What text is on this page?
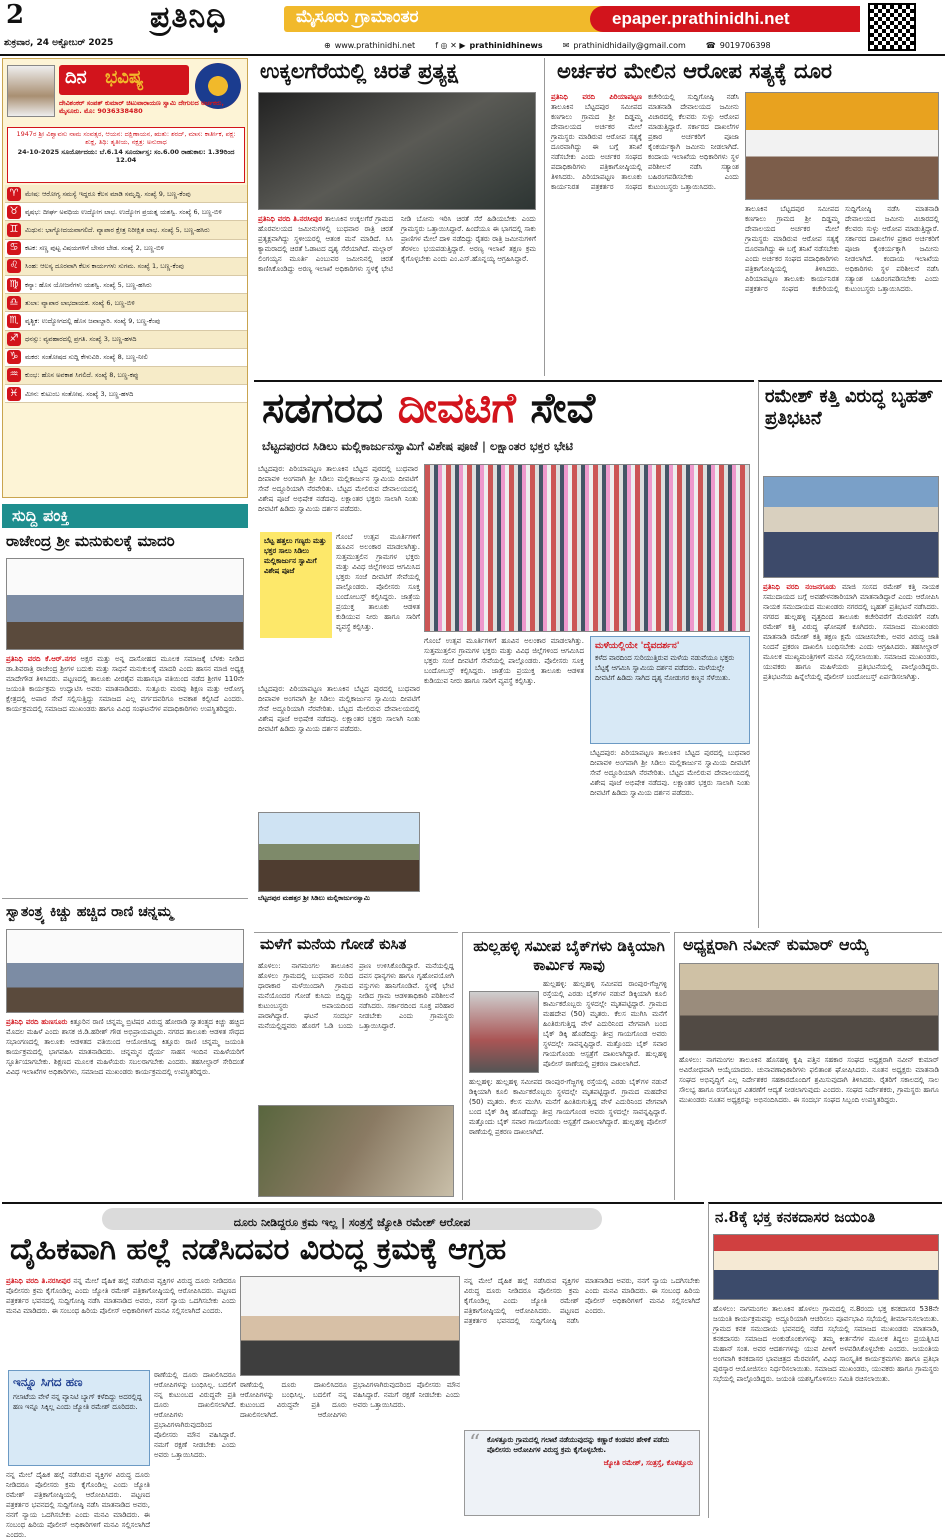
2	ಪ್ರತಿನಿಧಿ	ಮೈಸೂರು ಗ್ರಾಮಾಂತರ	epaper.prathinidhi.net
ಶುಕ್ರವಾರ, 24 ಅಕ್ಟೋಬರ್ 2025	⊕ www.prathinidhi.net	f ◎ ✕ ▶ prathinidhinews	✉ prathinidhidaily@gmail.com	☎ 9019706398
ದಿನ ಭವಿಷ್ಯ
ದೇವಿಶಂಕರ್ ಸಂಪತ್ ಕುಮಾರ್ ಚಿಟುವಾರಾಯಣ ಸ್ವಾಮಿ ದೇಗುಲದ ಅರ್ಚಕರು, ಮೈಸೂರು. ಮೊ: 9036338480
1947ರ ಶ್ರೀ ವಿಶ್ವಾವಸು ನಾಮ ಸಂವತ್ಸರ, ಆಯನ: ದಕ್ಷಿಣಾಯನ, ಋತು: ಶರದ್, ಮಾಸ: ಕಾರ್ತೀಕ, ಪಕ್ಷ: ಶುಕ್ಲ, ತಿಥಿ: ತೃತೀಯ, ನಕ್ಷತ್ರ: ಅನುರಾಧ
24-10-2025 ಸೂರ್ಯೋದಯ: ಬೆ.6.14 ಸೂರ್ಯಾಸ್ತ: ಸಂ.6.00 ರಾಹುಕಾಲ: 1.39ರಿಂದ 12.04
♈	ಮೇಷ: ಆರೋಗ್ಯ ಸಮಸ್ಯೆ ಇದ್ದರೂ ಕೆಲಸ ಮಾಡಿ ಸಮೃದ್ಧಿ. ಸಂಖ್ಯೆ 9, ಬಣ್ಣ-ಕೆಂಪು
♉	ವೃಷಭ: ದೀರ್ಘ ಅವಧಿಯ ಉದ್ಯೋಗ ಲಾಭ. ಉದ್ಯೋಗ ಪ್ರಯತ್ನ ಯಶಸ್ವಿ. ಸಂಖ್ಯೆ 6, ಬಣ್ಣ-ಬಿಳಿ
♊	ಮಿಥುನ: ಭಾಗ್ಯೋದಯವಾಗಲಿದೆ. ವ್ಯಾಪಾರ ಕ್ಷೇತ್ರ ನಿರೀಕ್ಷಿತ ಲಾಭ. ಸಂಖ್ಯೆ 5, ಬಣ್ಣ-ಹಸಿರು
♋	ಕಟಕ: ಸಣ್ಣ ಪುಟ್ಟ ವಿಷಯಗಳಿಗೆ ಬೇಸರ ಬೇಡ. ಸಂಖ್ಯೆ 2, ಬಣ್ಣ-ಬಿಳಿ
♌	ಸಿಂಹ: ಆಲಸ್ಯ ದೂರವಾಗಿ ಕೆಲಸ ಕಾರ್ಯಗಳು ಸುಗಮ. ಸಂಖ್ಯೆ 1, ಬಣ್ಣ-ಕೆಂಪು
♍	ಕನ್ಯಾ: ಹೊಸ ಯೋಜನೆಗಳು ಯಶಸ್ವಿ. ಸಂಖ್ಯೆ 5, ಬಣ್ಣ-ಹಸಿರು
♎	ತುಲಾ: ವ್ಯಾಪಾರ ಲಾಭದಾಯಕ. ಸಂಖ್ಯೆ 6, ಬಣ್ಣ-ಬಿಳಿ
♏	ವೃಶ್ಚಿಕ: ಉದ್ಯೋಗದಲ್ಲಿ ಹೊಸ ಜವಾಬ್ದಾರಿ. ಸಂಖ್ಯೆ 9, ಬಣ್ಣ-ಕೆಂಪು
♐	ಧನಸ್ಸು: ವ್ಯವಹಾರದಲ್ಲಿ ಪ್ರಗತಿ. ಸಂಖ್ಯೆ 3, ಬಣ್ಣ-ಹಳದಿ
♑	ಮಕರ: ಸಂತೋಷದ ಸುದ್ದಿ ಕೇಳುವಿರಿ. ಸಂಖ್ಯೆ 8, ಬಣ್ಣ-ನೀಲಿ
♒	ಕುಂಭ: ಹೊಸ ಅವಕಾಶ ಸಿಗಲಿದೆ. ಸಂಖ್ಯೆ 8, ಬಣ್ಣ-ಕಪ್ಪು
♓	ಮೀನ: ಕುಟುಂಬ ಸಂತೋಷ. ಸಂಖ್ಯೆ 3, ಬಣ್ಣ-ಹಳದಿ
ಉಕ್ಕಲಗೆರೆಯಲ್ಲಿ ಚಿರತೆ ಪ್ರತ್ಯಕ್ಷ
ಪ್ರತಿನಿಧಿ ವರದಿ ತಿ.ನರಸೀಪುರ ತಾಲೂಕಿನ ಉಕ್ಕಲಗೆರೆ ಗ್ರಾಮದ ಹೊರವಲಯದ ಜಮೀನುಗಳಲ್ಲಿ ಬುಧವಾರ ರಾತ್ರಿ ಚಿರತೆ ಪ್ರತ್ಯಕ್ಷವಾಗಿದ್ದು ಸ್ಥಳೀಯರಲ್ಲಿ ಆತಂಕ ಮನೆ ಮಾಡಿದೆ. ಸಿಸಿ ಕ್ಯಾಮರಾದಲ್ಲಿ ಚಿರತೆ ಓಡಾಟದ ದೃಶ್ಯ ಸೆರೆಯಾಗಿದೆ. ಮಲ್ಲಾರ್ ಲಿಂಗಯ್ಯನ ಮೂರ್ತಿ ಎಂಬುವರ ಜಮೀನಿನಲ್ಲಿ ಚಿರತೆ ಕಾಣಿಸಿಕೊಂಡಿದ್ದು ಅರಣ್ಯ ಇಲಾಖೆ ಅಧಿಕಾರಿಗಳು ಸ್ಥಳಕ್ಕೆ ಭೇಟಿ ನೀಡಿ ಬೋನು ಇರಿಸಿ ಚಿರತೆ ಸೆರೆ ಹಿಡಿಯಬೇಕು ಎಂದು ಗ್ರಾಮಸ್ಥರು ಒತ್ತಾಯಿಸಿದ್ದಾರೆ. ಹಿಂದೆಯೂ ಈ ಭಾಗದಲ್ಲಿ ಸಾಕು ಪ್ರಾಣಿಗಳ ಮೇಲೆ ದಾಳಿ ನಡೆದಿದ್ದು ರೈತರು ರಾತ್ರಿ ಜಮೀನುಗಳಿಗೆ ತೆರಳಲು ಭಯಪಡುತ್ತಿದ್ದಾರೆ. ಅರಣ್ಯ ಇಲಾಖೆ ತಕ್ಷಣ ಕ್ರಮ ಕೈಗೊಳ್ಳಬೇಕು ಎಂದು ಎಂ.ಎಸ್.ಹೊನ್ನಯ್ಯ ಆಗ್ರಹಿಸಿದ್ದಾರೆ.
ಅರ್ಚಕರ ಮೇಲಿನ ಆರೋಪ ಸತ್ಯಕ್ಕೆ ದೂರ
ಪ್ರತಿನಿಧಿ ವರದಿ ಪಿರಿಯಾಪಟ್ಟಣ ತಾಲೂಕಿನ ಬೆಟ್ಟದಪುರ ಸಮೀಪದ ಕಣಗಾಲು ಗ್ರಾಮದ ಶ್ರೀ ದಿಡ್ಡಮ್ಮ ದೇವಾಲಯದ ಅರ್ಚಕರ ಮೇಲೆ ಗ್ರಾಮಸ್ಥರು ಮಾಡಿರುವ ಆರೋಪ ಸತ್ಯಕ್ಕೆ ದೂರವಾಗಿದ್ದು ಈ ಬಗ್ಗೆ ತನಿಖೆ ನಡೆಸಬೇಕು ಎಂದು ಅರ್ಚಕರ ಸಂಘದ ಪದಾಧಿಕಾರಿಗಳು ಪತ್ರಿಕಾಗೋಷ್ಠಿಯಲ್ಲಿ ತಿಳಿಸಿದರು. ಪಿರಿಯಾಪಟ್ಟಣ ತಾಲೂಕು ಕಾರ್ಯನಿರತ ಪತ್ರಕರ್ತರ ಸಂಘದ ಕಚೇರಿಯಲ್ಲಿ ಸುದ್ದಿಗೋಷ್ಠಿ ನಡೆಸಿ ಮಾತನಾಡಿ ದೇವಾಲಯದ ಜಮೀನು ವಿಚಾರದಲ್ಲಿ ಕೆಲವರು ಸುಳ್ಳು ಆರೋಪ ಮಾಡುತ್ತಿದ್ದಾರೆ. ಸರ್ಕಾರದ ದಾಖಲೆಗಳ ಪ್ರಕಾರ ಅರ್ಚಕರಿಗೆ ಪೂಜಾ ಕೈಂಕರ್ಯಕ್ಕಾಗಿ ಜಮೀನು ನೀಡಲಾಗಿದೆ. ಕಂದಾಯ ಇಲಾಖೆಯ ಅಧಿಕಾರಿಗಳು ಸ್ಥಳ ಪರಿಶೀಲನೆ ನಡೆಸಿ ಸತ್ಯಾಂಶ ಬಹಿರಂಗಪಡಿಸಬೇಕು ಎಂದು ಕುಟುಂಬಸ್ಥರು ಒತ್ತಾಯಿಸಿದರು.
ತಾಲೂಕಿನ ಬೆಟ್ಟದಪುರ ಸಮೀಪದ ಕಣಗಾಲು ಗ್ರಾಮದ ಶ್ರೀ ದಿಡ್ಡಮ್ಮ ದೇವಾಲಯದ ಅರ್ಚಕರ ಮೇಲೆ ಗ್ರಾಮಸ್ಥರು ಮಾಡಿರುವ ಆರೋಪ ಸತ್ಯಕ್ಕೆ ದೂರವಾಗಿದ್ದು ಈ ಬಗ್ಗೆ ತನಿಖೆ ನಡೆಸಬೇಕು ಎಂದು ಅರ್ಚಕರ ಸಂಘದ ಪದಾಧಿಕಾರಿಗಳು ಪತ್ರಿಕಾಗೋಷ್ಠಿಯಲ್ಲಿ ತಿಳಿಸಿದರು. ಪಿರಿಯಾಪಟ್ಟಣ ತಾಲೂಕು ಕಾರ್ಯನಿರತ ಪತ್ರಕರ್ತರ ಸಂಘದ ಕಚೇರಿಯಲ್ಲಿ ಸುದ್ದಿಗೋಷ್ಠಿ ನಡೆಸಿ ಮಾತನಾಡಿ ದೇವಾಲಯದ ಜಮೀನು ವಿಚಾರದಲ್ಲಿ ಕೆಲವರು ಸುಳ್ಳು ಆರೋಪ ಮಾಡುತ್ತಿದ್ದಾರೆ. ಸರ್ಕಾರದ ದಾಖಲೆಗಳ ಪ್ರಕಾರ ಅರ್ಚಕರಿಗೆ ಪೂಜಾ ಕೈಂಕರ್ಯಕ್ಕಾಗಿ ಜಮೀನು ನೀಡಲಾಗಿದೆ. ಕಂದಾಯ ಇಲಾಖೆಯ ಅಧಿಕಾರಿಗಳು ಸ್ಥಳ ಪರಿಶೀಲನೆ ನಡೆಸಿ ಸತ್ಯಾಂಶ ಬಹಿರಂಗಪಡಿಸಬೇಕು ಎಂದು ಕುಟುಂಬಸ್ಥರು ಒತ್ತಾಯಿಸಿದರು.
ಸುದ್ದಿ ಪಂಕ್ತಿ
ರಾಜೇಂದ್ರ ಶ್ರೀ ಮನುಕುಲಕ್ಕೆ ಮಾದರಿ
ಪ್ರತಿನಿಧಿ ವರದಿ ಕೆ.ಆರ್.ನಗರ ಅಕ್ಷರ ಮತ್ತು ಅನ್ನ ದಾಸೋಹದ ಮೂಲಕ ಸಮಾಜಕ್ಕೆ ಬೆಳಕು ನೀಡಿದ ಡಾ.ಶಿವರಾತ್ರಿ ರಾಜೇಂದ್ರ ಶ್ರೀಗಳ ಬದುಕು ಮತ್ತು ಸಾಧನೆ ಮನುಕುಲಕ್ಕೆ ಮಾದರಿ ಎಂದು ಹಾಸನ ಮಾಜಿ ಅಧ್ಯಕ್ಷ ಮಾದೇಗೌಡ ತಿಳಿಸಿದರು. ಪಟ್ಟಣದಲ್ಲಿ ತಾಲೂಕು ವೀರಶೈವ ಮಹಾಸಭಾ ವತಿಯಿಂದ ನಡೆದ ಶ್ರೀಗಳ 110ನೇ ಜಯಂತಿ ಕಾರ್ಯಕ್ರಮ ಉದ್ಘಾಟಿಸಿ ಅವರು ಮಾತನಾಡಿದರು. ಸುತ್ತೂರು ಮಠವು ಶಿಕ್ಷಣ ಮತ್ತು ಆರೋಗ್ಯ ಕ್ಷೇತ್ರದಲ್ಲಿ ಅಪಾರ ಸೇವೆ ಸಲ್ಲಿಸುತ್ತಿದ್ದು ಸಮಾಜದ ಎಲ್ಲ ವರ್ಗದವರಿಗೂ ಅವಕಾಶ ಕಲ್ಪಿಸಿದೆ ಎಂದರು. ಕಾರ್ಯಕ್ರಮದಲ್ಲಿ ಸಮಾಜದ ಮುಖಂಡರು ಹಾಗೂ ವಿವಿಧ ಸಂಘಟನೆಗಳ ಪದಾಧಿಕಾರಿಗಳು ಉಪಸ್ಥಿತರಿದ್ದರು.
ಸ್ವಾತಂತ್ರ್ಯ ಕಿಚ್ಚು ಹಚ್ಚಿದ ರಾಣಿ ಚನ್ನಮ್ಮ
ಪ್ರತಿನಿಧಿ ವರದಿ ಹುಣಸೂರು ಕಿತ್ತೂರಿನ ರಾಣಿ ಚನ್ನಮ್ಮ ಬ್ರಿಟಿಷರ ವಿರುದ್ಧ ಹೋರಾಡಿ ಸ್ವಾತಂತ್ರ್ಯದ ಕಿಚ್ಚು ಹಚ್ಚಿದ ಮೊದಲ ಮಹಿಳೆ ಎಂದು ಶಾಸಕ ಜಿ.ಡಿ.ಹರೀಶ್ ಗೌಡ ಅಭಿಪ್ರಾಯಪಟ್ಟರು. ನಗರದ ತಾಲೂಕು ಆಡಳಿತ ಸೌಧದ ಸಭಾಂಗಣದಲ್ಲಿ ತಾಲೂಕು ಆಡಳಿತದ ವತಿಯಿಂದ ಆಯೋಜಿಸಿದ್ದ ಕಿತ್ತೂರು ರಾಣಿ ಚನ್ನಮ್ಮ ಜಯಂತಿ ಕಾರ್ಯಕ್ರಮದಲ್ಲಿ ಭಾಗವಹಿಸಿ ಮಾತನಾಡಿದರು. ಚನ್ನಮ್ಮನ ಧೈರ್ಯ ಸಾಹಸ ಇಂದಿನ ಮಹಿಳೆಯರಿಗೆ ಸ್ಫೂರ್ತಿಯಾಗಬೇಕು. ಶಿಕ್ಷಣದ ಮೂಲಕ ಮಹಿಳೆಯರು ಸಬಲರಾಗಬೇಕು ಎಂದರು. ತಹಸೀಲ್ದಾರ್ ಸೇರಿದಂತೆ ವಿವಿಧ ಇಲಾಖೆಗಳ ಅಧಿಕಾರಿಗಳು, ಸಮಾಜದ ಮುಖಂಡರು ಕಾರ್ಯಕ್ರಮದಲ್ಲಿ ಉಪಸ್ಥಿತರಿದ್ದರು.
ಸಡಗರದ ದೀವಟಿಗೆ ಸೇವೆ
ಬೆಟ್ಟದಪುರದ ಸಿಡಿಲು ಮಲ್ಲಿಕಾರ್ಜುನಸ್ವಾಮಿಗೆ ವಿಶೇಷ ಪೂಜೆ | ಲಕ್ಷಾಂತರ ಭಕ್ತರ ಭೇಟಿ
ಬೆಟ್ಟದಪುರ: ಪಿರಿಯಾಪಟ್ಟಣ ತಾಲೂಕಿನ ಬೆಟ್ಟದ ಪುರದಲ್ಲಿ ಬುಧವಾರ ದೀಪಾವಳಿ ಅಂಗವಾಗಿ ಶ್ರೀ ಸಿಡಿಲು ಮಲ್ಲಿಕಾರ್ಜುನ ಸ್ವಾಮಿಯ ದೀವಟಿಗೆ ಸೇವೆ ಅದ್ದೂರಿಯಾಗಿ ನೆರವೇರಿತು. ಬೆಟ್ಟದ ಮೇಲಿರುವ ದೇವಾಲಯದಲ್ಲಿ ವಿಶೇಷ ಪೂಜೆ ಅಭಿಷೇಕ ನಡೆದವು. ಲಕ್ಷಾಂತರ ಭಕ್ತರು ಸಾಲಾಗಿ ನಿಂತು ದೀವಟಿಗೆ ಹಿಡಿದು ಸ್ವಾಮಿಯ ದರ್ಶನ ಪಡೆದರು.
ಬೆಟ್ಟ ಹತ್ತಲು ಗಣ್ಯರು ಮತ್ತು ಭಕ್ತರ ಸಾಲು ಸಿಡಿಲು ಮಲ್ಲಿಕಾರ್ಜುನ ಸ್ವಾಮಿಗೆ ವಿಶೇಷ ಪೂಜೆ
ಗೊಂಬೆ ಉತ್ಸವ ಮೂರ್ತಿಗಳಿಗೆ ಹೂವಿನ ಅಲಂಕಾರ ಮಾಡಲಾಗಿತ್ತು. ಸುತ್ತಮುತ್ತಲಿನ ಗ್ರಾಮಗಳ ಭಕ್ತರು ಮತ್ತು ವಿವಿಧ ಜಿಲ್ಲೆಗಳಿಂದ ಆಗಮಿಸಿದ ಭಕ್ತರು ಸಂಜೆ ದೀವಟಿಗೆ ಸೇವೆಯಲ್ಲಿ ಪಾಲ್ಗೊಂಡರು. ಪೊಲೀಸರು ಸೂಕ್ತ ಬಂದೋಬಸ್ತ್ ಕಲ್ಪಿಸಿದ್ದರು. ಜಾತ್ರೆಯ ಪ್ರಯುಕ್ತ ತಾಲೂಕು ಆಡಳಿತ ಕುಡಿಯುವ ನೀರು ಹಾಗೂ ಸಾರಿಗೆ ವ್ಯವಸ್ಥೆ ಕಲ್ಪಿಸಿತ್ತು.
ಬೆಟ್ಟದಪುರ: ಪಿರಿಯಾಪಟ್ಟಣ ತಾಲೂಕಿನ ಬೆಟ್ಟದ ಪುರದಲ್ಲಿ ಬುಧವಾರ ದೀಪಾವಳಿ ಅಂಗವಾಗಿ ಶ್ರೀ ಸಿಡಿಲು ಮಲ್ಲಿಕಾರ್ಜುನ ಸ್ವಾಮಿಯ ದೀವಟಿಗೆ ಸೇವೆ ಅದ್ದೂರಿಯಾಗಿ ನೆರವೇರಿತು. ಬೆಟ್ಟದ ಮೇಲಿರುವ ದೇವಾಲಯದಲ್ಲಿ ವಿಶೇಷ ಪೂಜೆ ಅಭಿಷೇಕ ನಡೆದವು. ಲಕ್ಷಾಂತರ ಭಕ್ತರು ಸಾಲಾಗಿ ನಿಂತು ದೀವಟಿಗೆ ಹಿಡಿದು ಸ್ವಾಮಿಯ ದರ್ಶನ ಪಡೆದರು.
ಗೊಂಬೆ ಉತ್ಸವ ಮೂರ್ತಿಗಳಿಗೆ ಹೂವಿನ ಅಲಂಕಾರ ಮಾಡಲಾಗಿತ್ತು. ಸುತ್ತಮುತ್ತಲಿನ ಗ್ರಾಮಗಳ ಭಕ್ತರು ಮತ್ತು ವಿವಿಧ ಜಿಲ್ಲೆಗಳಿಂದ ಆಗಮಿಸಿದ ಭಕ್ತರು ಸಂಜೆ ದೀವಟಿಗೆ ಸೇವೆಯಲ್ಲಿ ಪಾಲ್ಗೊಂಡರು. ಪೊಲೀಸರು ಸೂಕ್ತ ಬಂದೋಬಸ್ತ್ ಕಲ್ಪಿಸಿದ್ದರು. ಜಾತ್ರೆಯ ಪ್ರಯುಕ್ತ ತಾಲೂಕು ಆಡಳಿತ ಕುಡಿಯುವ ನೀರು ಹಾಗೂ ಸಾರಿಗೆ ವ್ಯವಸ್ಥೆ ಕಲ್ಪಿಸಿತ್ತು.
ಮಳೆಯಲ್ಲಿಯೇ 'ದೈವದರ್ಶನ'
ಕಳೆದ ವಾರದಿಂದ ಸುರಿಯುತ್ತಿರುವ ಮಳೆಯ ನಡುವೆಯೂ ಭಕ್ತರು ಬೆಟ್ಟಕ್ಕೆ ಆಗಮಿಸಿ ಸ್ವಾಮಿಯ ದರ್ಶನ ಪಡೆದರು. ಮಳೆಯಲ್ಲೇ ದೀವಟಿಗೆ ಹಿಡಿದು ಸಾಗಿದ ದೃಶ್ಯ ನೋಡುಗರ ಕಣ್ಮನ ಸೆಳೆಯಿತು.
ಬೆಟ್ಟದಪುರ: ಪಿರಿಯಾಪಟ್ಟಣ ತಾಲೂಕಿನ ಬೆಟ್ಟದ ಪುರದಲ್ಲಿ ಬುಧವಾರ ದೀಪಾವಳಿ ಅಂಗವಾಗಿ ಶ್ರೀ ಸಿಡಿಲು ಮಲ್ಲಿಕಾರ್ಜುನ ಸ್ವಾಮಿಯ ದೀವಟಿಗೆ ಸೇವೆ ಅದ್ದೂರಿಯಾಗಿ ನೆರವೇರಿತು. ಬೆಟ್ಟದ ಮೇಲಿರುವ ದೇವಾಲಯದಲ್ಲಿ ವಿಶೇಷ ಪೂಜೆ ಅಭಿಷೇಕ ನಡೆದವು. ಲಕ್ಷಾಂತರ ಭಕ್ತರು ಸಾಲಾಗಿ ನಿಂತು ದೀವಟಿಗೆ ಹಿಡಿದು ಸ್ವಾಮಿಯ ದರ್ಶನ ಪಡೆದರು.
ಬೆಟ್ಟದಪುರ ಮಹತ್ತರ ಶ್ರೀ ಸಿಡಿಲು ಮಲ್ಲಿಕಾರ್ಜುನಸ್ವಾಮಿ
ರಮೇಶ್ ಕತ್ತಿ ವಿರುದ್ಧ ಬೃಹತ್ ಪ್ರತಿಭಟನೆ
ಪ್ರತಿನಿಧಿ ವರದಿ ನಂಜನಗೂಡು ಮಾಜಿ ಸಂಸದ ರಮೇಶ್ ಕತ್ತಿ ನಾಯಕ ಸಮುದಾಯದ ಬಗ್ಗೆ ಅವಹೇಳನಕಾರಿಯಾಗಿ ಮಾತನಾಡಿದ್ದಾರೆ ಎಂದು ಆರೋಪಿಸಿ ನಾಯಕ ಸಮುದಾಯದ ಮುಖಂಡರು ನಗರದಲ್ಲಿ ಬೃಹತ್ ಪ್ರತಿಭಟನೆ ನಡೆಸಿದರು. ನಗರದ ಹುಲ್ಲಹಳ್ಳಿ ವೃತ್ತದಿಂದ ತಾಲೂಕು ಕಚೇರಿವರೆಗೆ ಮೆರವಣಿಗೆ ನಡೆಸಿ ರಮೇಶ್ ಕತ್ತಿ ವಿರುದ್ಧ ಘೋಷಣೆ ಕೂಗಿದರು. ಸಮಾಜದ ಮುಖಂಡರು ಮಾತನಾಡಿ ರಮೇಶ್ ಕತ್ತಿ ತಕ್ಷಣ ಕ್ಷಮೆ ಯಾಚಿಸಬೇಕು, ಅವರ ವಿರುದ್ಧ ಜಾತಿ ನಿಂದನೆ ಪ್ರಕರಣ ದಾಖಲಿಸಿ ಬಂಧಿಸಬೇಕು ಎಂದು ಆಗ್ರಹಿಸಿದರು. ತಹಸೀಲ್ದಾರ್ ಮೂಲಕ ಮುಖ್ಯಮಂತ್ರಿಗಳಿಗೆ ಮನವಿ ಸಲ್ಲಿಸಲಾಯಿತು. ಸಮಾಜದ ಮುಖಂಡರು, ಯುವಕರು ಹಾಗೂ ಮಹಿಳೆಯರು ಪ್ರತಿಭಟನೆಯಲ್ಲಿ ಪಾಲ್ಗೊಂಡಿದ್ದರು. ಪ್ರತಿಭಟನೆಯ ಹಿನ್ನೆಲೆಯಲ್ಲಿ ಪೊಲೀಸ್ ಬಂದೋಬಸ್ತ್ ಏರ್ಪಡಿಸಲಾಗಿತ್ತು.
ಮಳೆಗೆ ಮನೆಯ ಗೋಡೆ ಕುಸಿತ
ಹೊಳಲು: ನಾಗಮಂಗಲ ತಾಲೂಕಿನ ಹೊಳಲು ಗ್ರಾಮದಲ್ಲಿ ಬುಧವಾರ ಸುರಿದ ಧಾರಾಕಾರ ಮಳೆಯಿಂದಾಗಿ ಗ್ರಾಮದ ಮನೆಯೊಂದರ ಗೋಡೆ ಕುಸಿದು ಬಿದ್ದಿದ್ದು ಕುಟುಂಬಸ್ಥರು ಅಪಾಯದಿಂದ ಪಾರಾಗಿದ್ದಾರೆ. ಘಟನೆ ಸಂದರ್ಭ ಮನೆಯಲ್ಲಿದ್ದವರು ಹೊರಗೆ ಓಡಿ ಬಂದು ಪ್ರಾಣ ಉಳಿಸಿಕೊಂಡಿದ್ದಾರೆ. ಮನೆಯಲ್ಲಿದ್ದ ದವಸ ಧಾನ್ಯಗಳು ಹಾಗೂ ಗೃಹೋಪಯೋಗಿ ವಸ್ತುಗಳು ಹಾನಿಗೊಂಡಿವೆ. ಸ್ಥಳಕ್ಕೆ ಭೇಟಿ ನೀಡಿದ ಗ್ರಾಮ ಆಡಳಿತಾಧಿಕಾರಿ ಪರಿಶೀಲನೆ ನಡೆಸಿದರು. ಸರ್ಕಾರದಿಂದ ಸೂಕ್ತ ಪರಿಹಾರ ನೀಡಬೇಕು ಎಂದು ಗ್ರಾಮಸ್ಥರು ಒತ್ತಾಯಿಸಿದ್ದಾರೆ.
ಹುಲ್ಲಹಳ್ಳಿ ಸಮೀಪ ಬೈಕ್‌ಗಳು ಡಿಕ್ಕಿಯಾಗಿ ಕಾರ್ಮಿಕ ಸಾವು
ಹುಲ್ಲಹಳ್ಳಿ: ಹುಲ್ಲಹಳ್ಳಿ ಸಮೀಪದ ರಾಂಪುರ-ಗೆಜ್ಜಗಳ್ಳಿ ರಸ್ತೆಯಲ್ಲಿ ಎರಡು ಬೈಕ್‌ಗಳ ನಡುವೆ ಡಿಕ್ಕಿಯಾಗಿ ಕೂಲಿ ಕಾರ್ಮಿಕರೊಬ್ಬರು ಸ್ಥಳದಲ್ಲೇ ಮೃತಪಟ್ಟಿದ್ದಾರೆ. ಗ್ರಾಮದ ಮಹದೇವ (50) ಮೃತರು. ಕೆಲಸ ಮುಗಿಸಿ ಮನೆಗೆ ಹಿಂತಿರುಗುತ್ತಿದ್ದ ವೇಳೆ ಎದುರಿನಿಂದ ವೇಗವಾಗಿ ಬಂದ ಬೈಕ್ ಡಿಕ್ಕಿ ಹೊಡೆದಿದ್ದು ತೀವ್ರ ಗಾಯಗೊಂಡ ಅವರು ಸ್ಥಳದಲ್ಲೇ ಸಾವನ್ನಪ್ಪಿದ್ದಾರೆ. ಮತ್ತೊಂದು ಬೈಕ್ ಸವಾರ ಗಾಯಗೊಂಡು ಆಸ್ಪತ್ರೆಗೆ ದಾಖಲಾಗಿದ್ದಾರೆ. ಹುಲ್ಲಹಳ್ಳಿ ಪೊಲೀಸ್ ಠಾಣೆಯಲ್ಲಿ ಪ್ರಕರಣ ದಾಖಲಾಗಿದೆ.
ಹುಲ್ಲಹಳ್ಳಿ: ಹುಲ್ಲಹಳ್ಳಿ ಸಮೀಪದ ರಾಂಪುರ-ಗೆಜ್ಜಗಳ್ಳಿ ರಸ್ತೆಯಲ್ಲಿ ಎರಡು ಬೈಕ್‌ಗಳ ನಡುವೆ ಡಿಕ್ಕಿಯಾಗಿ ಕೂಲಿ ಕಾರ್ಮಿಕರೊಬ್ಬರು ಸ್ಥಳದಲ್ಲೇ ಮೃತಪಟ್ಟಿದ್ದಾರೆ. ಗ್ರಾಮದ ಮಹದೇವ (50) ಮೃತರು. ಕೆಲಸ ಮುಗಿಸಿ ಮನೆಗೆ ಹಿಂತಿರುಗುತ್ತಿದ್ದ ವೇಳೆ ಎದುರಿನಿಂದ ವೇಗವಾಗಿ ಬಂದ ಬೈಕ್ ಡಿಕ್ಕಿ ಹೊಡೆದಿದ್ದು ತೀವ್ರ ಗಾಯಗೊಂಡ ಅವರು ಸ್ಥಳದಲ್ಲೇ ಸಾವನ್ನಪ್ಪಿದ್ದಾರೆ. ಮತ್ತೊಂದು ಬೈಕ್ ಸವಾರ ಗಾಯಗೊಂಡು ಆಸ್ಪತ್ರೆಗೆ ದಾಖಲಾಗಿದ್ದಾರೆ. ಹುಲ್ಲಹಳ್ಳಿ ಪೊಲೀಸ್ ಠಾಣೆಯಲ್ಲಿ ಪ್ರಕರಣ ದಾಖಲಾಗಿದೆ.
ಅಧ್ಯಕ್ಷರಾಗಿ ನವೀನ್ ಕುಮಾರ್ ಆಯ್ಕೆ
ಹೊಳಲು: ನಾಗಮಂಗಲ ತಾಲೂಕಿನ ಹೊಸಹಳ್ಳಿ ಕೃಷಿ ಪತ್ತಿನ ಸಹಕಾರ ಸಂಘದ ಅಧ್ಯಕ್ಷರಾಗಿ ನವೀನ್ ಕುಮಾರ್ ಅವಿರೋಧವಾಗಿ ಆಯ್ಕೆಯಾದರು. ಚುನಾವಣಾಧಿಕಾರಿಗಳು ಫಲಿತಾಂಶ ಘೋಷಿಸಿದರು. ನೂತನ ಅಧ್ಯಕ್ಷರು ಮಾತನಾಡಿ ಸಂಘದ ಅಭಿವೃದ್ಧಿಗೆ ಎಲ್ಲ ನಿರ್ದೇಶಕರ ಸಹಕಾರದೊಂದಿಗೆ ಶ್ರಮಿಸುವುದಾಗಿ ತಿಳಿಸಿದರು. ರೈತರಿಗೆ ಸಕಾಲದಲ್ಲಿ ಸಾಲ ಸೌಲಭ್ಯ ಹಾಗೂ ರಸಗೊಬ್ಬರ ವಿತರಣೆಗೆ ಆದ್ಯತೆ ನೀಡಲಾಗುವುದು ಎಂದರು. ಸಂಘದ ನಿರ್ದೇಶಕರು, ಗ್ರಾಮಸ್ಥರು ಹಾಗೂ ಮುಖಂಡರು ನೂತನ ಅಧ್ಯಕ್ಷರನ್ನು ಅಭಿನಂದಿಸಿದರು. ಈ ಸಂದರ್ಭ ಸಂಘದ ಸಿಬ್ಬಂದಿ ಉಪಸ್ಥಿತರಿದ್ದರು.
ದೂರು ನೀಡಿದ್ದರೂ ಕ್ರಮ ಇಲ್ಲ | ಸಂತ್ರಸ್ತೆ ಜ್ಯೋತಿ ರಮೇಶ್ ಆರೋಪ
ದೈಹಿಕವಾಗಿ ಹಲ್ಲೆ ನಡೆಸಿದವರ ವಿರುದ್ಧ ಕ್ರಮಕ್ಕೆ ಆಗ್ರಹ
ಪ್ರತಿನಿಧಿ ವರದಿ ತಿ.ನರಸೀಪುರ ನನ್ನ ಮೇಲೆ ದೈಹಿಕ ಹಲ್ಲೆ ನಡೆಸಿರುವ ವ್ಯಕ್ತಿಗಳ ವಿರುದ್ಧ ದೂರು ನೀಡಿದರೂ ಪೊಲೀಸರು ಕ್ರಮ ಕೈಗೊಂಡಿಲ್ಲ ಎಂದು ಜ್ಯೋತಿ ರಮೇಶ್ ಪತ್ರಿಕಾಗೋಷ್ಠಿಯಲ್ಲಿ ಆರೋಪಿಸಿದರು. ಪಟ್ಟಣದ ಪತ್ರಕರ್ತರ ಭವನದಲ್ಲಿ ಸುದ್ದಿಗೋಷ್ಠಿ ನಡೆಸಿ ಮಾತನಾಡಿದ ಅವರು, ನನಗೆ ನ್ಯಾಯ ಒದಗಿಸಬೇಕು ಎಂದು ಮನವಿ ಮಾಡಿದರು. ಈ ಸಂಬಂಧ ಹಿರಿಯ ಪೊಲೀಸ್ ಅಧಿಕಾರಿಗಳಿಗೆ ಮನವಿ ಸಲ್ಲಿಸಲಾಗಿದೆ ಎಂದರು.
ಇನ್ನೂ ಸಿಗದ ಹಣ
ಗಲಾಟೆಯ ವೇಳೆ ನನ್ನ ವ್ಯಾನಿಟಿ ಬ್ಯಾಗ್ ಕಳೆದಿದ್ದು ಅದರಲ್ಲಿದ್ದ ಹಣ ಇನ್ನೂ ಸಿಕ್ಕಿಲ್ಲ ಎಂದು ಜ್ಯೋತಿ ರಮೇಶ್ ದೂರಿದರು.
ಠಾಣೆಯಲ್ಲಿ ದೂರು ದಾಖಲಿಸಿದರೂ ಆರೋಪಿಗಳನ್ನು ಬಂಧಿಸಿಲ್ಲ. ಬದಲಿಗೆ ನನ್ನ ಕುಟುಂಬದ ವಿರುದ್ಧವೇ ಪ್ರತಿ ದೂರು ದಾಖಲಿಸಲಾಗಿದೆ. ಆರೋಪಿಗಳು ಪ್ರಭಾವಿಗಳಾಗಿರುವುದರಿಂದ ಪೊಲೀಸರು ಮೌನ ವಹಿಸಿದ್ದಾರೆ. ನಮಗೆ ರಕ್ಷಣೆ ನೀಡಬೇಕು ಎಂದು ಅವರು ಒತ್ತಾಯಿಸಿದರು.
ನನ್ನ ಮೇಲೆ ದೈಹಿಕ ಹಲ್ಲೆ ನಡೆಸಿರುವ ವ್ಯಕ್ತಿಗಳ ವಿರುದ್ಧ ದೂರು ನೀಡಿದರೂ ಪೊಲೀಸರು ಕ್ರಮ ಕೈಗೊಂಡಿಲ್ಲ ಎಂದು ಜ್ಯೋತಿ ರಮೇಶ್ ಪತ್ರಿಕಾಗೋಷ್ಠಿಯಲ್ಲಿ ಆರೋಪಿಸಿದರು. ಪಟ್ಟಣದ ಪತ್ರಕರ್ತರ ಭವನದಲ್ಲಿ ಸುದ್ದಿಗೋಷ್ಠಿ ನಡೆಸಿ ಮಾತನಾಡಿದ ಅವರು, ನನಗೆ ನ್ಯಾಯ ಒದಗಿಸಬೇಕು ಎಂದು ಮನವಿ ಮಾಡಿದರು. ಈ ಸಂಬಂಧ ಹಿರಿಯ ಪೊಲೀಸ್ ಅಧಿಕಾರಿಗಳಿಗೆ ಮನವಿ ಸಲ್ಲಿಸಲಾಗಿದೆ ಎಂದರು.
ಠಾಣೆಯಲ್ಲಿ ದೂರು ದಾಖಲಿಸಿದರೂ ಆರೋಪಿಗಳನ್ನು ಬಂಧಿಸಿಲ್ಲ. ಬದಲಿಗೆ ನನ್ನ ಕುಟುಂಬದ ವಿರುದ್ಧವೇ ಪ್ರತಿ ದೂರು ದಾಖಲಿಸಲಾಗಿದೆ. ಆರೋಪಿಗಳು ಪ್ರಭಾವಿಗಳಾಗಿರುವುದರಿಂದ ಪೊಲೀಸರು ಮೌನ ವಹಿಸಿದ್ದಾರೆ. ನಮಗೆ ರಕ್ಷಣೆ ನೀಡಬೇಕು ಎಂದು ಅವರು ಒತ್ತಾಯಿಸಿದರು.
ನನ್ನ ಮೇಲೆ ದೈಹಿಕ ಹಲ್ಲೆ ನಡೆಸಿರುವ ವ್ಯಕ್ತಿಗಳ ವಿರುದ್ಧ ದೂರು ನೀಡಿದರೂ ಪೊಲೀಸರು ಕ್ರಮ ಕೈಗೊಂಡಿಲ್ಲ ಎಂದು ಜ್ಯೋತಿ ರಮೇಶ್ ಪತ್ರಿಕಾಗೋಷ್ಠಿಯಲ್ಲಿ ಆರೋಪಿಸಿದರು. ಪಟ್ಟಣದ ಪತ್ರಕರ್ತರ ಭವನದಲ್ಲಿ ಸುದ್ದಿಗೋಷ್ಠಿ ನಡೆಸಿ ಮಾತನಾಡಿದ ಅವರು, ನನಗೆ ನ್ಯಾಯ ಒದಗಿಸಬೇಕು ಎಂದು ಮನವಿ ಮಾಡಿದರು. ಈ ಸಂಬಂಧ ಹಿರಿಯ ಪೊಲೀಸ್ ಅಧಿಕಾರಿಗಳಿಗೆ ಮನವಿ ಸಲ್ಲಿಸಲಾಗಿದೆ ಎಂದರು.
“ ಕೊಳತ್ತೂರು ಗ್ರಾಮದಲ್ಲಿ ಗಲಾಟೆ ನಡೆಯುವುದನ್ನು ಕಣ್ಣಾರೆ ಕಂಡವರ ಹೇಳಿಕೆ ಪಡೆದು ಪೊಲೀಸರು ಆರೋಪಿಗಳ ವಿರುದ್ಧ ಕ್ರಮ ಕೈಗೊಳ್ಳಬೇಕು.
ಜ್ಯೋತಿ ರಮೇಶ್, ಸಂತ್ರಸ್ತೆ, ಕೊಳತ್ತೂರು
ನ.8ಕ್ಕೆ ಭಕ್ತ ಕನಕದಾಸರ ಜಯಂತಿ
ಹೊಳಲು: ನಾಗಮಂಗಲ ತಾಲೂಕಿನ ಹೊಳಲು ಗ್ರಾಮದಲ್ಲಿ ನ.8ರಂದು ಭಕ್ತ ಕನಕದಾಸರ 538ನೇ ಜಯಂತಿ ಕಾರ್ಯಕ್ರಮವನ್ನು ಅದ್ದೂರಿಯಾಗಿ ಆಚರಿಸಲು ಪೂರ್ವಭಾವಿ ಸಭೆಯಲ್ಲಿ ತೀರ್ಮಾನಿಸಲಾಯಿತು. ಗ್ರಾಮದ ಕನಕ ಸಮುದಾಯ ಭವನದಲ್ಲಿ ನಡೆದ ಸಭೆಯಲ್ಲಿ ಸಮಾಜದ ಮುಖಂಡರು ಮಾತನಾಡಿ, ಕನಕದಾಸರು ಸಮಾಜದ ಅಂಕುಡೊಂಕುಗಳನ್ನು ತಮ್ಮ ಕೀರ್ತನೆಗಳ ಮೂಲಕ ತಿದ್ದಲು ಪ್ರಯತ್ನಿಸಿದ ಮಹಾನ್ ಸಂತ. ಅವರ ಆದರ್ಶಗಳನ್ನು ಯುವ ಪೀಳಿಗೆ ಅಳವಡಿಸಿಕೊಳ್ಳಬೇಕು ಎಂದರು. ಜಯಂತಿಯ ಅಂಗವಾಗಿ ಕನಕದಾಸರ ಭಾವಚಿತ್ರದ ಮೆರವಣಿಗೆ, ವಿವಿಧ ಸಾಂಸ್ಕೃತಿಕ ಕಾರ್ಯಕ್ರಮಗಳು ಹಾಗೂ ಪ್ರತಿಭಾ ಪುರಸ್ಕಾರ ಆಯೋಜಿಸಲು ನಿರ್ಧರಿಸಲಾಯಿತು. ಸಮಾಜದ ಮುಖಂಡರು, ಯುವಕರು ಹಾಗೂ ಗ್ರಾಮಸ್ಥರು ಸಭೆಯಲ್ಲಿ ಪಾಲ್ಗೊಂಡಿದ್ದರು. ಜಯಂತಿ ಯಶಸ್ವಿಗೊಳಿಸಲು ಸಮಿತಿ ರಚಿಸಲಾಯಿತು.
